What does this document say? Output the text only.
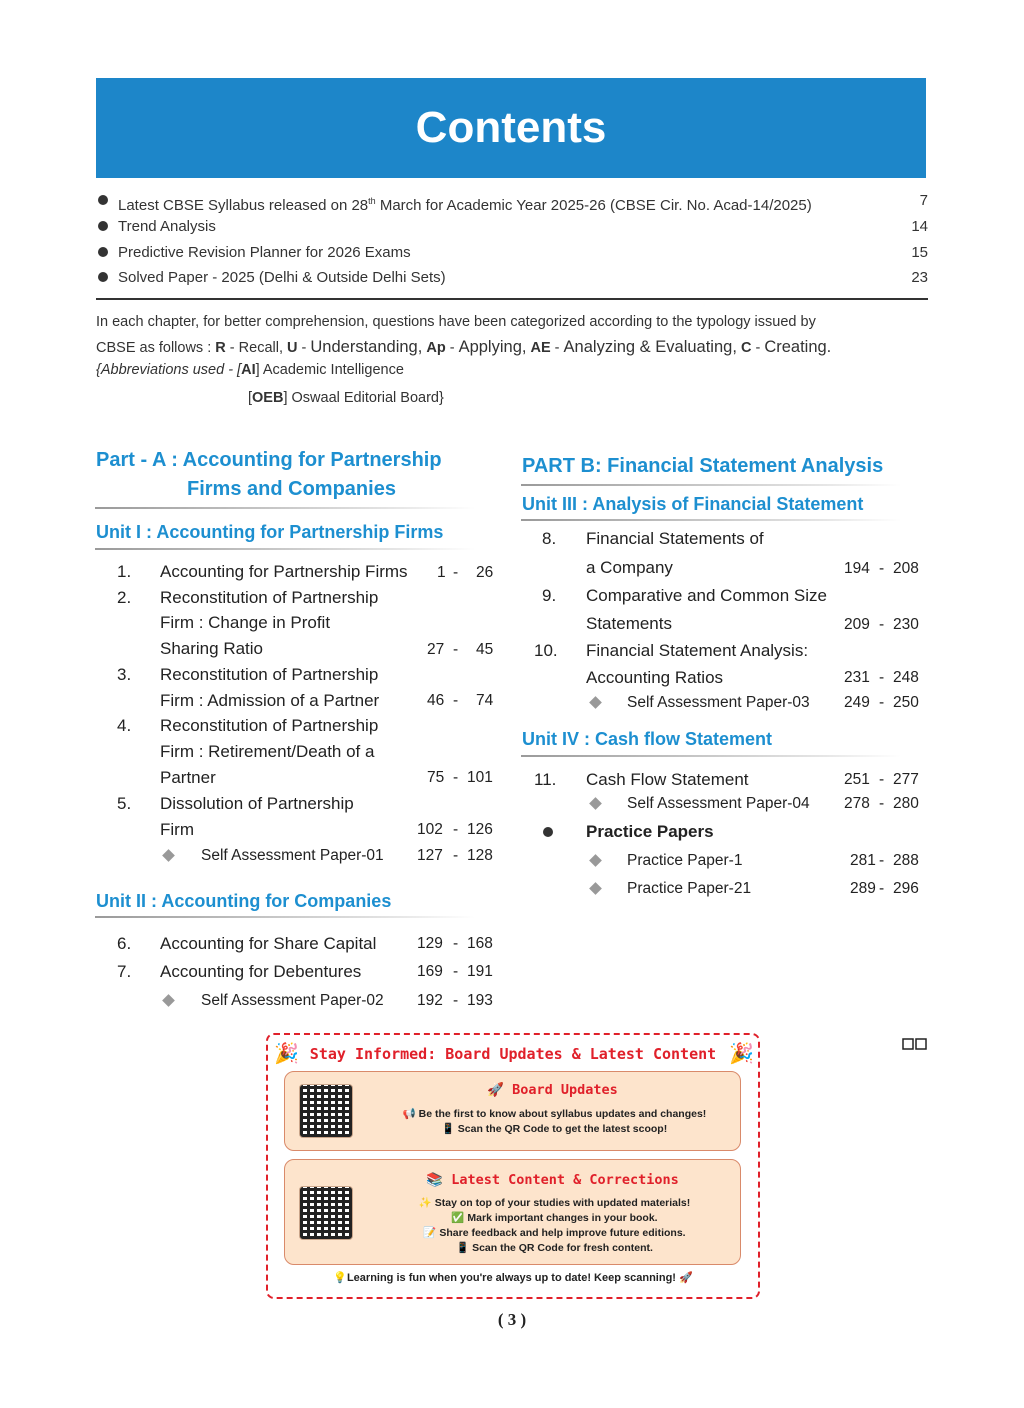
Contents
Latest CBSE Syllabus released on 28th March for Academic Year 2025-26 (CBSE Cir. No. Acad-14/2025)	7
Trend Analysis	14
Predictive Revision Planner for 2026 Exams	15
Solved Paper - 2025 (Delhi & Outside Delhi Sets)	23
In each chapter, for better comprehension, questions have been categorized according to the typology issued by
CBSE as follows : R - Recall, U - Understanding, Ap - Applying, AE - Analyzing & Evaluating, C - Creating.
{Abbreviations used - [AI] Academic Intelligence
[OEB] Oswaal Editorial Board}
Part - A : Accounting for Partnership
Firms and Companies
Unit I : Accounting for Partnership Firms
1. Accounting for Partnership Firms 1 - 26
2. Reconstitution of Partnership
Firm : Change in Profit
Sharing Ratio	27 - 45
3. Reconstitution of Partnership
Firm : Admission of a Partner	46 - 74
4. Reconstitution of Partnership
Firm : Retirement/Death of a
Partner	75 - 101
5. Dissolution of Partnership
Firm	102 - 126
Self Assessment Paper-01 127 - 128
Unit II : Accounting for Companies
6. Accounting for Share Capital	129 - 168
7. Accounting for Debentures	169 - 191
Self Assessment Paper-02 192 - 193
PART B: Financial Statement Analysis
Unit III : Analysis of Financial Statement
8. Financial Statements of
a Company	194 - 208
9. Comparative and Common Size
Statements	209 - 230
10. Financial Statement Analysis:
Accounting Ratios	231 - 248
Self Assessment Paper-03 249 - 250
Unit IV : Cash flow Statement
11. Cash Flow Statement	251 - 277
Self Assessment Paper-04 278 - 280
Practice Papers
Practice Paper-1	281 - 288
Practice Paper-21	289 - 296
🎉	🎉
Stay Informed: Board Updates & Latest Content
🚀 Board Updates
📢 Be the first to know about syllabus updates and changes!
📱 Scan the QR Code to get the latest scoop!
📚 Latest Content & Corrections
✨ Stay on top of your studies with updated materials!
✅ Mark important changes in your book.
📝 Share feedback and help improve future editions.
📱 Scan the QR Code for fresh content.
💡Learning is fun when you're always up to date! Keep scanning! 🚀
( 3 )
